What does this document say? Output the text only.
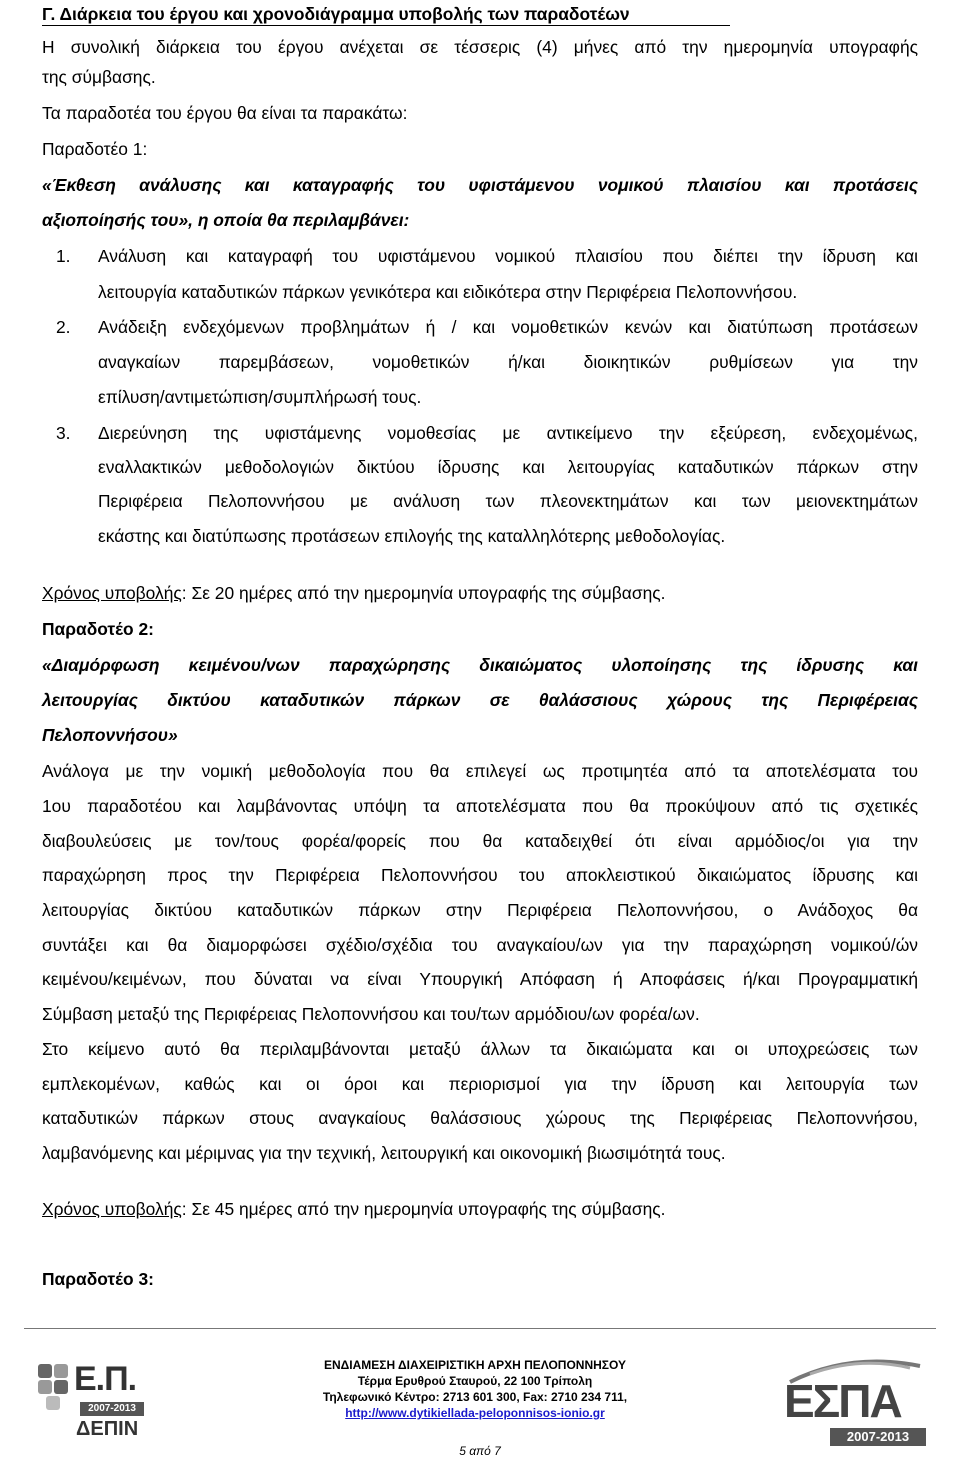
Γ. Διάρκεια του έργου και χρονοδιάγραμμα υποβολής των παραδοτέων
Η συνολική διάρκεια του έργου ανέχεται σε τέσσερις (4) μήνες από την ημερομηνία υπογραφής
της σύμβασης.
Τα παραδοτέα του έργου θα είναι τα παρακάτω:
Παραδοτέο 1:
«Έκθεση ανάλυσης και καταγραφής του υφιστάμενου νομικού πλαισίου και προτάσεις
αξιοποίησής του», η οποία θα περιλαμβάνει:
1. Ανάλυση και καταγραφή του υφιστάμενου νομικού πλαισίου που διέπει την ίδρυση και
λειτουργία καταδυτικών πάρκων γενικότερα και ειδικότερα στην Περιφέρεια Πελοποννήσου.
2. Ανάδειξη ενδεχόμενων προβλημάτων ή / και νομοθετικών κενών και διατύπωση προτάσεων
αναγκαίων παρεμβάσεων, νομοθετικών ή/και διοικητικών ρυθμίσεων για την
επίλυση/αντιμετώπιση/συμπλήρωσή τους.
3. Διερεύνηση της υφιστάμενης νομοθεσίας με αντικείμενο την εξεύρεση, ενδεχομένως,
εναλλακτικών μεθοδολογιών δικτύου ίδρυσης και λειτουργίας καταδυτικών πάρκων στην
Περιφέρεια Πελοποννήσου με ανάλυση των πλεονεκτημάτων και των μειονεκτημάτων
εκάστης και διατύπωσης προτάσεων επιλογής της καταλληλότερης μεθοδολογίας.
Χρόνος υποβολής: Σε 20 ημέρες από την ημερομηνία υπογραφής της σύμβασης.
Παραδοτέο 2:
«Διαμόρφωση κειμένου/νων παραχώρησης δικαιώματος υλοποίησης της ίδρυσης και
λειτουργίας δικτύου καταδυτικών πάρκων σε θαλάσσιους χώρους της Περιφέρειας
Πελοποννήσου»
Ανάλογα με την νομική μεθοδολογία που θα επιλεγεί ως προτιμητέα από τα αποτελέσματα του
1ου παραδοτέου και λαμβάνοντας υπόψη τα αποτελέσματα που θα προκύψουν από τις σχετικές
διαβουλεύσεις με τον/τους φορέα/φορείς που θα καταδειχθεί ότι είναι αρμόδιος/οι για την
παραχώρηση προς την Περιφέρεια Πελοποννήσου του αποκλειστικού δικαιώματος ίδρυσης και
λειτουργίας δικτύου καταδυτικών πάρκων στην Περιφέρεια Πελοποννήσου, ο Ανάδοχος θα
συντάξει και θα διαμορφώσει σχέδιο/σχέδια του αναγκαίου/ων για την παραχώρηση νομικού/ών
κειμένου/κειμένων, που δύναται να είναι Υπουργική Απόφαση ή Αποφάσεις ή/και Προγραμματική
Σύμβαση μεταξύ της Περιφέρειας Πελοποννήσου και του/των αρμόδιου/ων φορέα/ων.
Στο κείμενο αυτό θα περιλαμβάνονται μεταξύ άλλων τα δικαιώματα και οι υποχρεώσεις των
εμπλεκομένων, καθώς και οι όροι και περιορισμοί για την ίδρυση και λειτουργία των
καταδυτικών πάρκων στους αναγκαίους θαλάσσιους χώρους της Περιφέρειας Πελοποννήσου,
λαμβανόμενης και μέριμνας για την τεχνική, λειτουργική και οικονομική βιωσιμότητά τους.
Χρόνος υποβολής: Σε 45 ημέρες από την ημερομηνία υπογραφής της σύμβασης.
Παραδοτέο 3:
Ε.Π.
2007-2013
ΔΕΠΙΝ
ΕΝΔΙΑΜΕΣΗ ΔΙΑΧΕΙΡΙΣΤΙΚΗ ΑΡΧΗ ΠΕΛΟΠΟΝΝΗΣΟΥ
Τέρμα Ερυθρού Σταυρού, 22 100 Τρίπολη
Τηλεφωνικό Κέντρο: 2713 601 300, Fax: 2710 234 711,
http://www.dytikiellada-peloponnisos-ionio.gr	ΕΣΠΑ
2007-2013
5 από 7
